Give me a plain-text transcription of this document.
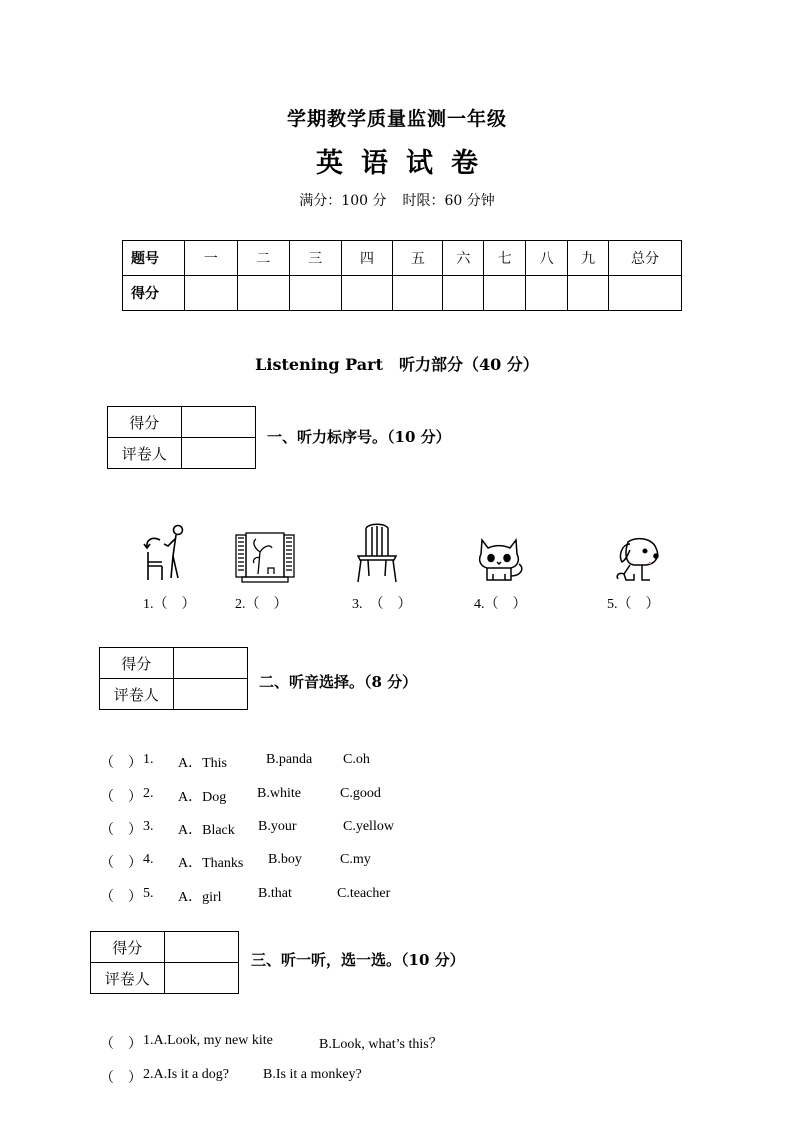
学期教学质量监测一年级
英 语 试 卷
满分：100 分 时限：60 分钟
题号	一	二	三	四	五	六	七	八	九	总分
得分										
Listening Part　听力部分（40 分）
得分	
评卷人	
一、听力标序号。（10 分）
1.（　）	2.（　）	3.　（　）	4.（　）	5.（　）
得分	
评卷人	
二、听音选择。（8 分）

（　） 1. A．This	B.panda C.oh

（　） 2. A．Dog B.white	C.good

（　） 3. A．Black B.your	C.yellow

（　） 4. A．Thanks B.boy	C.my

（　） 5. A．girl	B.that	C.teacher

得分	
评卷人	
三、听一听，选一选。（10 分）

（　） 1.A.Look, my new kite	B.Look, what’s this？

（　） 2.A.Is it a dog? B.Is it a monkey?
